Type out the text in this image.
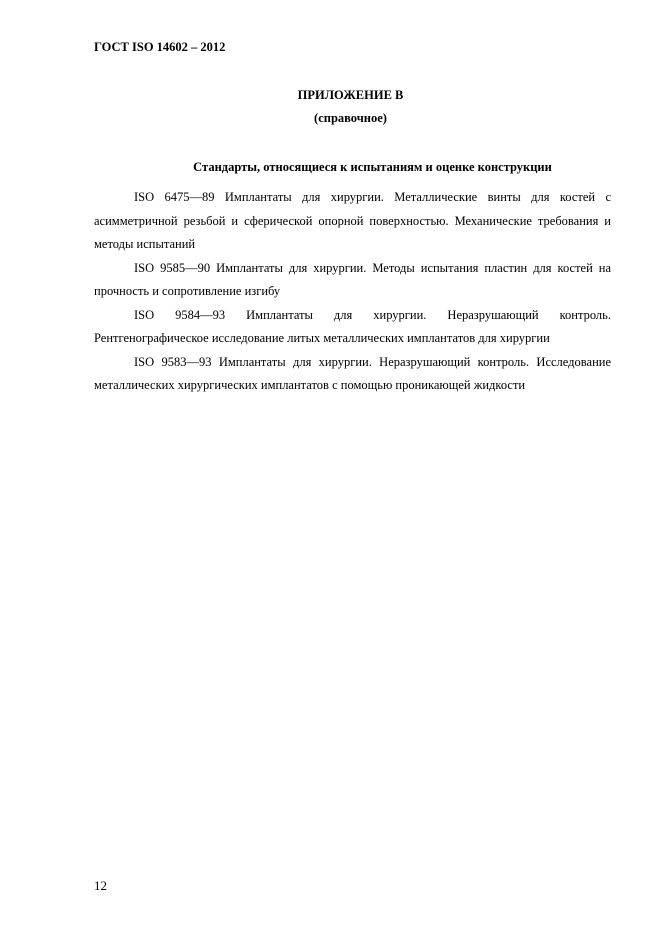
ГОСТ ISO 14602 – 2012
ПРИЛОЖЕНИЕ В
(справочное)
Стандарты, относящиеся к испытаниям и оценке конструкции

ISO 6475—89 Имплантаты для хирургии. Металлические винты для костей с асимметричной резьбой и сферической опорной поверхностью. Механические требования и методы испытаний

ISO 9585—90 Имплантаты для хирургии. Методы испытания пластин для костей на прочность и сопротивление изгибу

ISO 9584—93 Имплантаты для хирургии. Неразрушающий контроль. Рентгенографическое исследование литых металлических имплантатов для хирургии

ISO 9583—93 Имплантаты для хирургии. Неразрушающий контроль. Исследование металлических хирургических имплантатов с помощью проникающей жидкости

12
